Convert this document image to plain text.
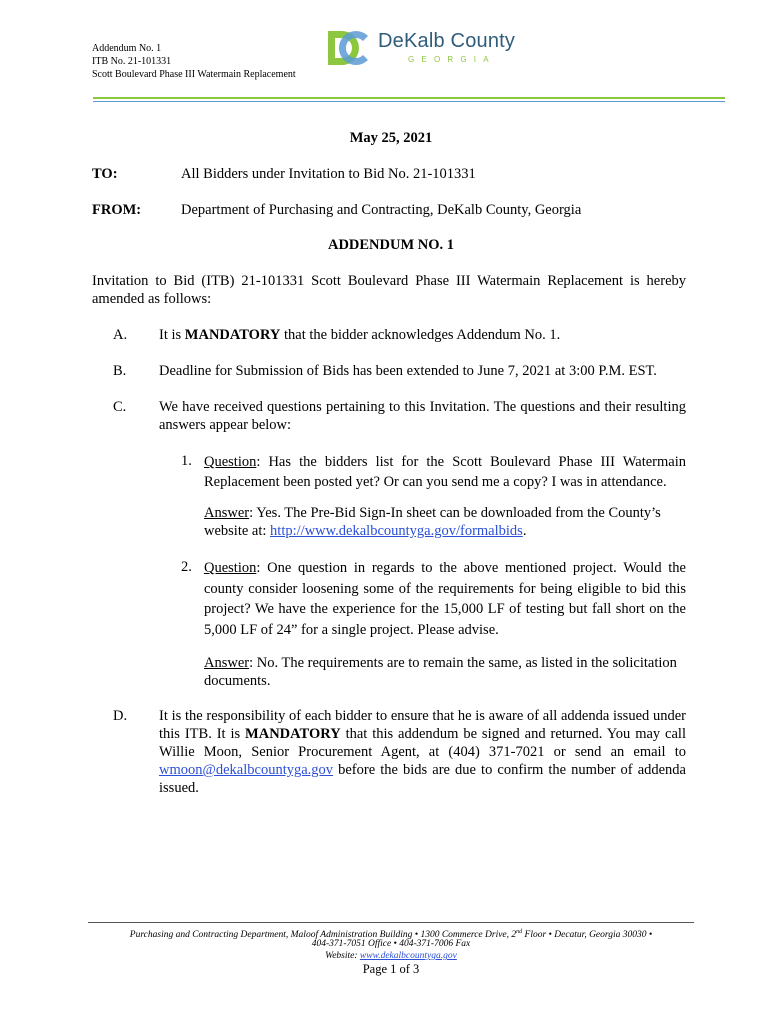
Addendum No. 1
ITB No. 21-101331
Scott Boulevard Phase III Watermain Replacement
DeKalb County
GEORGIA
May 25, 2021
TO:	All Bidders under Invitation to Bid No. 21-101331
FROM:	Department of Purchasing and Contracting, DeKalb County, Georgia
ADDENDUM NO. 1
Invitation to Bid (ITB) 21-101331 Scott Boulevard Phase III Watermain Replacement is hereby amended as follows:
A. It is MANDATORY that the bidder acknowledges Addendum No. 1.
B. Deadline for Submission of Bids has been extended to June 7, 2021 at 3:00 P.M. EST.
C. We have received questions pertaining to this Invitation. The questions and their resulting answers appear below:
1. Question: Has the bidders list for the Scott Boulevard Phase III Watermain Replacement been posted yet? Or can you send me a copy? I was in attendance.
Answer: Yes. The Pre-Bid Sign-In sheet can be downloaded from the County’s website at: http://www.dekalbcountyga.gov/formalbids.
2. Question: One question in regards to the above mentioned project. Would the county consider loosening some of the requirements for being eligible to bid this project? We have the experience for the 15,000 LF of testing but fall short on the 5,000 LF of 24” for a single project. Please advise.
Answer: No. The requirements are to remain the same, as listed in the solicitation documents.
D. It is the responsibility of each bidder to ensure that he is aware of all addenda issued under this ITB. It is MANDATORY that this addendum be signed and returned. You may call Willie Moon, Senior Procurement Agent, at (404) 371-7021 or send an email to wmoon@dekalbcountyga.gov before the bids are due to confirm the number of addenda issued.
Purchasing and Contracting Department, Maloof Administration Building • 1300 Commerce Drive, 2nd Floor • Decatur, Georgia 30030 •
404-371-7051 Office • 404-371-7006 Fax
Website: www.dekalbcountyga.gov
Page 1 of 3
